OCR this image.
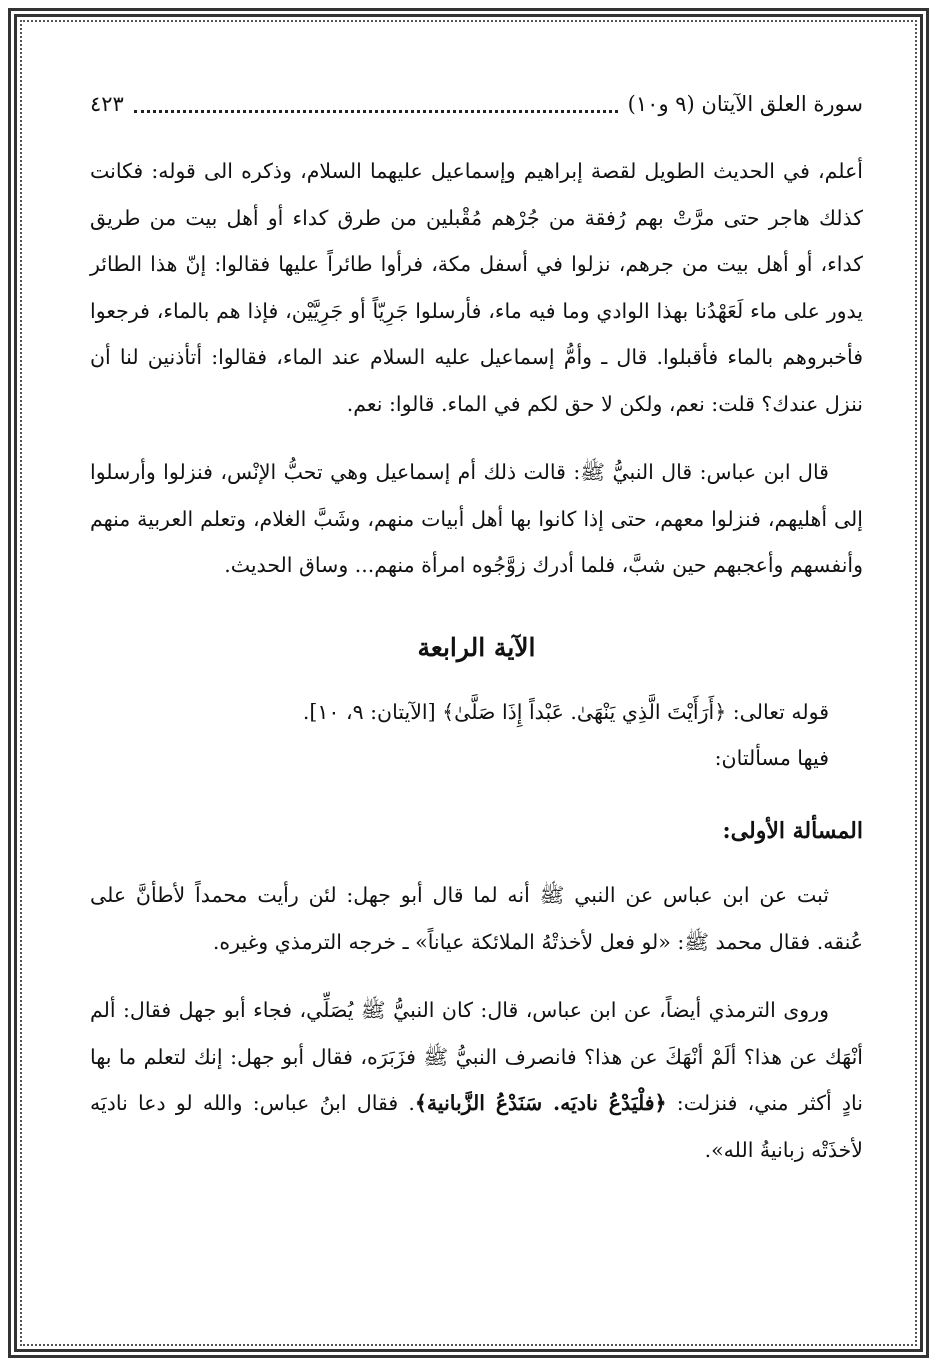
سورة العلق الآيتان (٩ و١٠)
٤٢٣

أعلم، في الحديث الطويل لقصة إبراهيم وإسماعيل عليهما السلام، وذكره الى قوله: فكانت كذلك هاجر حتى مرَّتْ بهم رُفقة من جُرْهم مُقْبلين من طرق كداء أو أهل بيت من طريق كداء، أو أهل بيت من جرهم، نزلوا في أسفل مكة، فرأوا طائراً عليها فقالوا: إنّ هذا الطائر يدور على ماء لَعَهْدُنا بهذا الوادي وما فيه ماء، فأرسلوا جَرِيّاً أو جَرِيَّيْن، فإذا هم بالماء، فرجعوا فأخبروهم بالماء فأقبلوا. قال ـ وأمُّ إسماعيل عليه السلام عند الماء، فقالوا: أتأذنين لنا أن ننزل عندك؟ قلت: نعم، ولكن لا حق لكم في الماء. قالوا: نعم.

قال ابن عباس: قال النبيُّ ﷺ: قالت ذلك أم إسماعيل وهي تحبُّ الإنْس، فنزلوا وأرسلوا إلى أهليهم، فنزلوا معهم، حتى إذا كانوا بها أهل أبيات منهم، وشَبَّ الغلام، وتعلم العربية منهم وأنفسهم وأعجبهم حين شبَّ، فلما أدرك زوَّجُوه امرأة منهم... وساق الحديث.

الآية الرابعة

قوله تعالى: ﴿أَرَأَيْتَ الَّذِي يَنْهَىٰ. عَبْداً إِذَا صَلَّىٰ﴾ [الآيتان: ٩، ١٠].

فيها مسألتان:

المسألة الأولى:

ثبت عن ابن عباس عن النبي ﷺ أنه لما قال أبو جهل: لئن رأيت محمداً لأطأنَّ على عُنقه. فقال محمد ﷺ: «لو فعل لأخذتْهُ الملائكة عياناً» ـ خرجه الترمذي وغيره.

وروى الترمذي أيضاً، عن ابن عباس، قال: كان النبيُّ ﷺ يُصَلِّي، فجاء أبو جهل فقال: ألم أنْهَك عن هذا؟ ألَمْ أنْهَكَ عن هذا؟ فانصرف النبيُّ ﷺ فزَبَرَه، فقال أبو جهل: إنك لتعلم ما بها نادٍ أكثر مني، فنزلت: ﴿فلْيَدْعُ ناديَه. سَنَدْعُ الزَّبانية﴾. فقال ابنُ عباس: والله لو دعا ناديَه لأخذَتْه زبانيةُ الله».
